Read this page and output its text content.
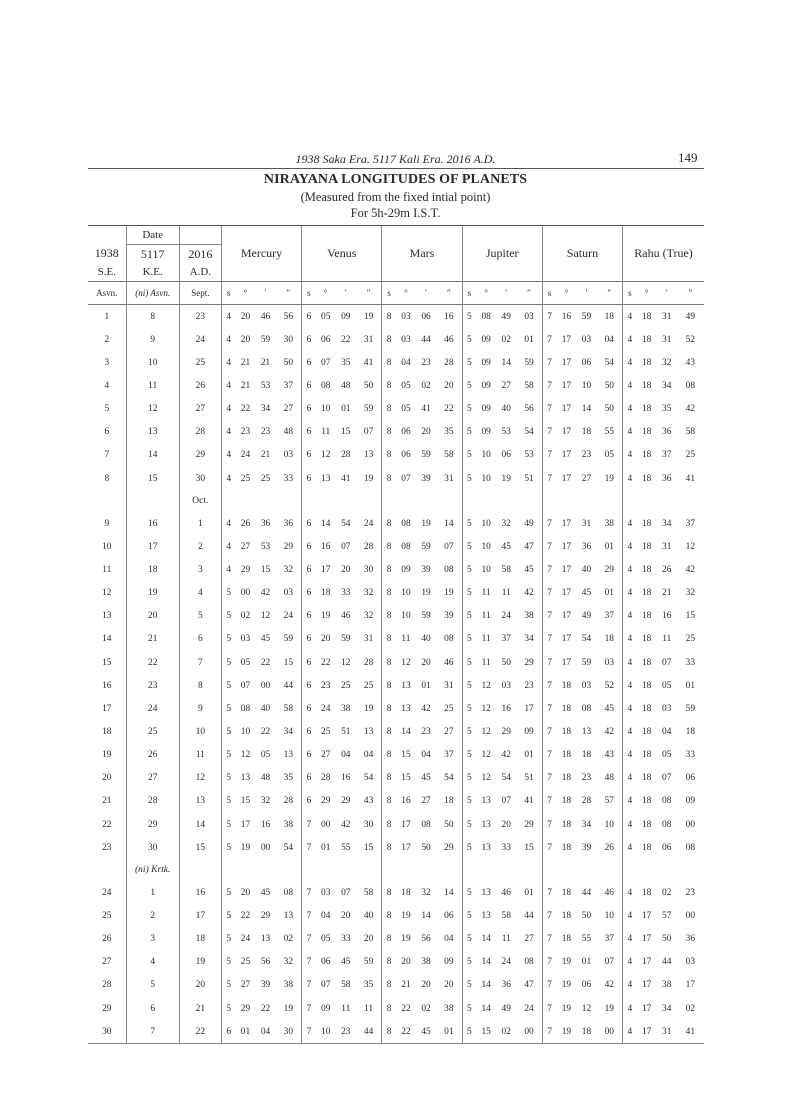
1938 Saka Era. 5117 Kali Era. 2016 A.D.	149
NIRAYANA LONGITUDES OF PLANETS
(Measured from the fixed intial point)
For 5h-29m I.S.T.
	Date																									
1938	5117	2016	Mercury				Venus				Mars				Jupiter				Saturn				Rahu (True)			
S.E.	K.E.	A.D.																								
Asvn.	(ni) Asvn.	Sept.	s	°	′	″	s	°	′	″	s	°	′	″	s	°	′	″	s	°	′	″	s	°	′	″
1	8	23	4	20	46	56	6	05	09	19	8	03	06	16	5	08	49	03	7	16	59	18	4	18	31	49
2	9	24	4	20	59	30	6	06	22	31	8	03	44	46	5	09	02	01	7	17	03	04	4	18	31	52
3	10	25	4	21	21	50	6	07	35	41	8	04	23	28	5	09	14	59	7	17	06	54	4	18	32	43
4	11	26	4	21	53	37	6	08	48	50	8	05	02	20	5	09	27	58	7	17	10	50	4	18	34	08
5	12	27	4	22	34	27	6	10	01	59	8	05	41	22	5	09	40	56	7	17	14	50	4	18	35	42
6	13	28	4	23	23	48	6	11	15	07	8	06	20	35	5	09	53	54	7	17	18	55	4	18	36	58
7	14	29	4	24	21	03	6	12	28	13	8	06	59	58	5	10	06	53	7	17	23	05	4	18	37	25
8	15	30	4	25	25	33	6	13	41	19	8	07	39	31	5	10	19	51	7	17	27	19	4	18	36	41
		Oct.																								
9	16	1	4	26	36	36	6	14	54	24	8	08	19	14	5	10	32	49	7	17	31	38	4	18	34	37
10	17	2	4	27	53	29	6	16	07	28	8	08	59	07	5	10	45	47	7	17	36	01	4	18	31	12
11	18	3	4	29	15	32	6	17	20	30	8	09	39	08	5	10	58	45	7	17	40	29	4	18	26	42
12	19	4	5	00	42	03	6	18	33	32	8	10	19	19	5	11	11	42	7	17	45	01	4	18	21	32
13	20	5	5	02	12	24	6	19	46	32	8	10	59	39	5	11	24	38	7	17	49	37	4	18	16	15
14	21	6	5	03	45	59	6	20	59	31	8	11	40	08	5	11	37	34	7	17	54	18	4	18	11	25
15	22	7	5	05	22	15	6	22	12	28	8	12	20	46	5	11	50	29	7	17	59	03	4	18	07	33
16	23	8	5	07	00	44	6	23	25	25	8	13	01	31	5	12	03	23	7	18	03	52	4	18	05	01
17	24	9	5	08	40	58	6	24	38	19	8	13	42	25	5	12	16	17	7	18	08	45	4	18	03	59
18	25	10	5	10	22	34	6	25	51	13	8	14	23	27	5	12	29	09	7	18	13	42	4	18	04	18
19	26	11	5	12	05	13	6	27	04	04	8	15	04	37	5	12	42	01	7	18	18	43	4	18	05	33
20	27	12	5	13	48	35	6	28	16	54	8	15	45	54	5	12	54	51	7	18	23	48	4	18	07	06
21	28	13	5	15	32	28	6	29	29	43	8	16	27	18	5	13	07	41	7	18	28	57	4	18	08	09
22	29	14	5	17	16	38	7	00	42	30	8	17	08	50	5	13	20	29	7	18	34	10	4	18	08	00
23	30	15	5	19	00	54	7	01	55	15	8	17	50	29	5	13	33	15	7	18	39	26	4	18	06	08
	(ni) Krtk.																									
24	1	16	5	20	45	08	7	03	07	58	8	18	32	14	5	13	46	01	7	18	44	46	4	18	02	23
25	2	17	5	22	29	13	7	04	20	40	8	19	14	06	5	13	58	44	7	18	50	10	4	17	57	00
26	3	18	5	24	13	02	7	05	33	20	8	19	56	04	5	14	11	27	7	18	55	37	4	17	50	36
27	4	19	5	25	56	32	7	06	45	59	8	20	38	09	5	14	24	08	7	19	01	07	4	17	44	03
28	5	20	5	27	39	38	7	07	58	35	8	21	20	20	5	14	36	47	7	19	06	42	4	17	38	17
29	6	21	5	29	22	19	7	09	11	11	8	22	02	38	5	14	49	24	7	19	12	19	4	17	34	02
30	7	22	6	01	04	30	7	10	23	44	8	22	45	01	5	15	02	00	7	19	18	00	4	17	31	41
